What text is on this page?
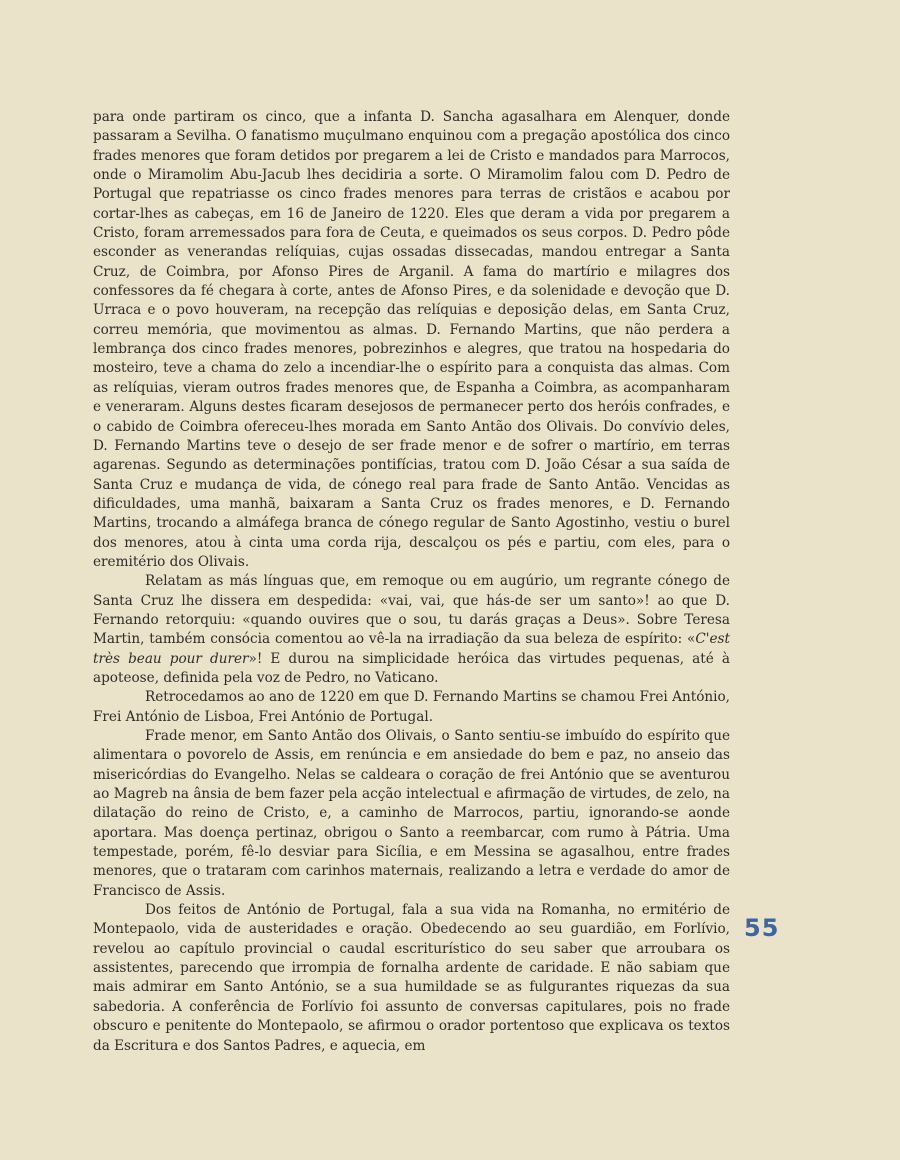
para onde partiram os cinco, que a infanta D. Sancha agasalhara em Alenquer, donde passaram a Sevilha. O fanatismo muçulmano enquinou com a pregação apostólica dos cinco frades menores que foram detidos por pregarem a lei de Cristo e mandados para Marrocos, onde o Miramolim Abu-Jacub lhes decidiria a sorte. O Miramolim falou com D. Pedro de Portugal que repatriasse os cinco frades menores para terras de cristãos e acabou por cortar-lhes as cabeças, em 16 de Janeiro de 1220. Eles que deram a vida por pregarem a Cristo, foram arremessados para fora de Ceuta, e queimados os seus corpos. D. Pedro pôde esconder as venerandas relíquias, cujas ossadas dissecadas, mandou entregar a Santa Cruz, de Coimbra, por Afonso Pires de Arganil. A fama do martírio e milagres dos confessores da fé chegara à corte, antes de Afonso Pires, e da solenidade e devoção que D. Urraca e o povo houveram, na recepção das relíquias e deposição delas, em Santa Cruz, correu memória, que movimentou as almas. D. Fernando Martins, que não perdera a lembrança dos cinco frades menores, pobrezinhos e alegres, que tratou na hospedaria do mosteiro, teve a chama do zelo a incendiar-lhe o espírito para a conquista das almas. Com as relíquias, vieram outros frades menores que, de Espanha a Coimbra, as acompanharam e veneraram. Alguns destes ficaram desejosos de permanecer perto dos heróis confrades, e o cabido de Coimbra ofereceu-lhes morada em Santo Antão dos Olivais. Do convívio deles, D. Fernando Martins teve o desejo de ser frade menor e de sofrer o martírio, em terras agarenas. Segundo as determinações pontifícias, tratou com D. João César a sua saída de Santa Cruz e mudança de vida, de cónego real para frade de Santo Antão. Vencidas as dificuldades, uma manhã, baixaram a Santa Cruz os frades menores, e D. Fernando Martins, trocando a almáfega branca de cónego regular de Santo Agostinho, vestiu o burel dos menores, atou à cinta uma corda rija, descalçou os pés e partiu, com eles, para o eremitério dos Olivais.

Relatam as más línguas que, em remoque ou em augúrio, um regrante cónego de Santa Cruz lhe dissera em despedida: «vai, vai, que hás-de ser um santo»! ao que D. Fernando retorquiu: «quando ouvires que o sou, tu darás graças a Deus». Sobre Teresa Martin, também consócia comentou ao vê-la na irradiação da sua beleza de espírito: «C'est très beau pour durer»! E durou na simplicidade heróica das virtudes pequenas, até à apoteose, definida pela voz de Pedro, no Vaticano.

Retrocedamos ao ano de 1220 em que D. Fernando Martins se chamou Frei António, Frei António de Lisboa, Frei António de Portugal.

Frade menor, em Santo Antão dos Olivais, o Santo sentiu-se imbuído do espírito que alimentara o povorelo de Assis, em renúncia e em ansiedade do bem e paz, no anseio das misericórdias do Evangelho. Nelas se caldeara o coração de frei António que se aventurou ao Magreb na ânsia de bem fazer pela acção intelectual e afirmação de virtudes, de zelo, na dilatação do reino de Cristo, e, a caminho de Marrocos, partiu, ignorando-se aonde aportara. Mas doença pertinaz, obrigou o Santo a reembarcar, com rumo à Pátria. Uma tempestade, porém, fê-lo desviar para Sicília, e em Messina se agasalhou, entre frades menores, que o trataram com carinhos maternais, realizando a letra e verdade do amor de Francisco de Assis.

Dos feitos de António de Portugal, fala a sua vida na Romanha, no ermitério de Montepaolo, vida de austeridades e oração. Obedecendo ao seu guardião, em Forlívio, revelou ao capítulo provincial o caudal escriturístico do seu saber que arroubara os assistentes, parecendo que irrompia de fornalha ardente de caridade. E não sabiam que mais admirar em Santo António, se a sua humildade se as fulgurantes riquezas da sua sabedoria. A conferência de Forlívio foi assunto de conversas capitulares, pois no frade obscuro e penitente do Montepaolo, se afirmou o orador portentoso que explicava os textos da Escritura e dos Santos Padres, e aquecia, em

55
